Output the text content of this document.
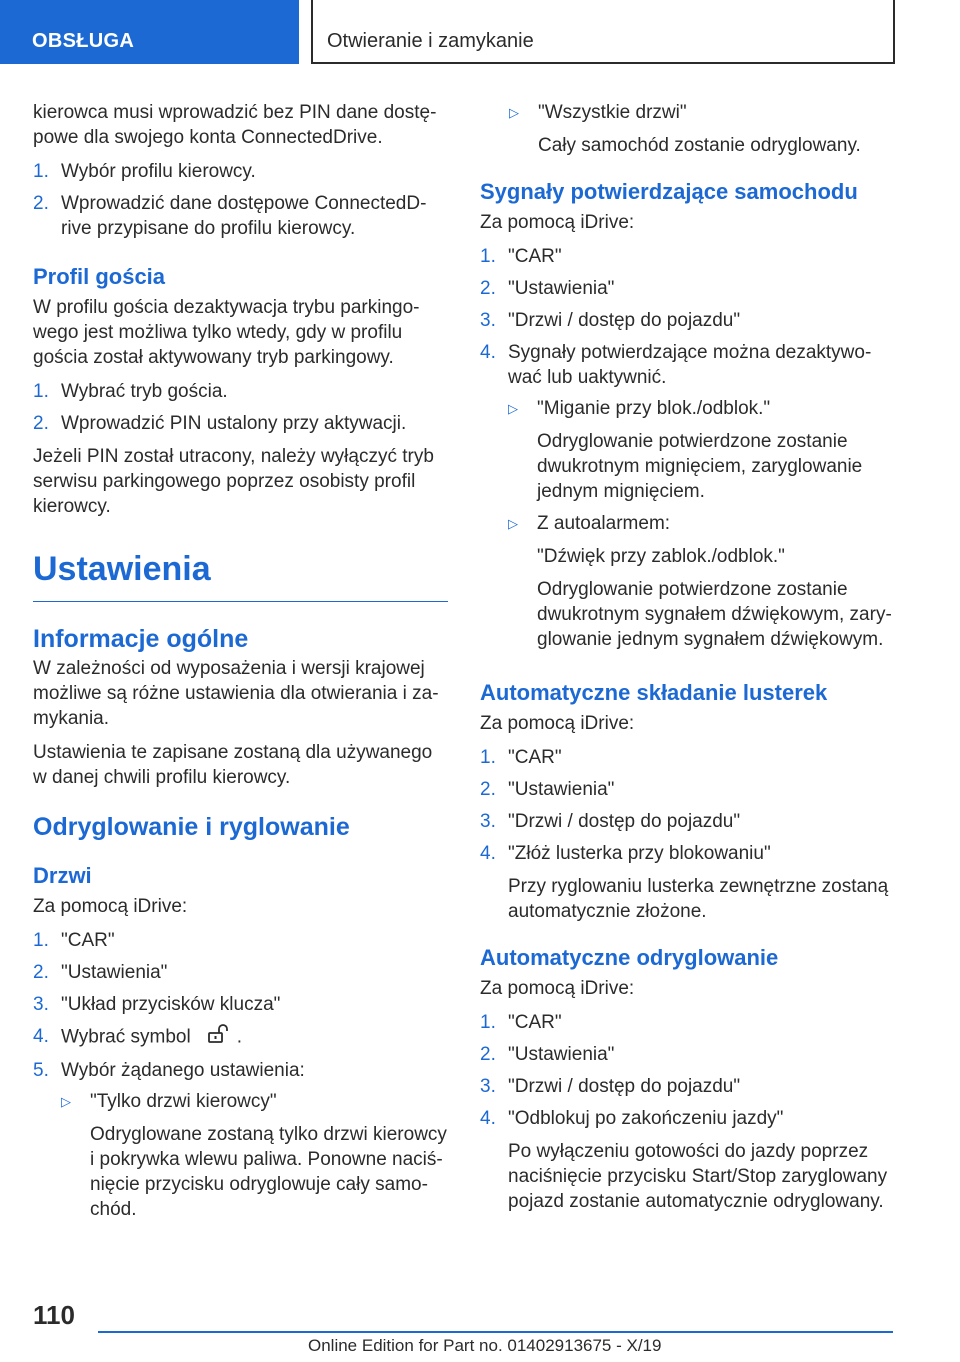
OBSŁUGA	Otwieranie i zamykanie

kierowca musi wprowadzić bez PIN dane dostę-powe dla swojego konta ConnectedDrive.

1. Wybór profilu kierowcy.
2. Wprowadzić dane dostępowe ConnectedD-rive przypisane do profilu kierowcy.
Profil gościa

W profilu gościa dezaktywacja trybu parkingo-wego jest możliwa tylko wtedy, gdy w profilu gościa został aktywowany tryb parkingowy.

1. Wybrać tryb gościa.
2. Wprowadzić PIN ustalony przy aktywacji.

Jeżeli PIN został utracony, należy wyłączyć tryb serwisu parkingowego poprzez osobisty profil kierowcy.

Ustawienia
Informacje ogólne

W zależności od wyposażenia i wersji krajowej możliwe są różne ustawienia dla otwierania i za-mykania.

Ustawienia te zapisane zostaną dla używanego w danej chwili profilu kierowcy.

Odryglowanie i ryglowanie
Drzwi

Za pomocą iDrive:

1. "CAR"
2. "Ustawienia"
3. "Układ przycisków klucza"
4. Wybrać symbol .
5. Wybór żądanego ustawienia:
▷	"Tylko drzwi kierowcy"

Odryglowane zostaną tylko drzwi kierowcy i pokrywka wlewu paliwa. Ponowne naciś-nięcie przycisku odryglowuje cały samo-chód.

▷	"Wszystkie drzwi"

Cały samochód zostanie odryglowany.

Sygnały potwierdzające samochodu

Za pomocą iDrive:

1. "CAR"
2. "Ustawienia"
3. "Drzwi / dostęp do pojazdu"
4. Sygnały potwierdzające można dezaktywo-wać lub uaktywnić.
▷	"Miganie przy blok./odblok."

Odryglowanie potwierdzone zostanie dwukrotnym mignięciem, zaryglowanie jednym mignięciem.

▷	Z autoalarmem:

"Dźwięk przy zablok./odblok."

Odryglowanie potwierdzone zostanie dwukrotnym sygnałem dźwiękowym, zary-glowanie jednym sygnałem dźwiękowym.

Automatyczne składanie lusterek

Za pomocą iDrive:

1. "CAR"
2. "Ustawienia"
3. "Drzwi / dostęp do pojazdu"
4. "Złóż lusterka przy blokowaniu"

Przy ryglowaniu lusterka zewnętrzne zostaną automatycznie złożone.

Automatyczne odryglowanie

Za pomocą iDrive:

1. "CAR"
2. "Ustawienia"
3. "Drzwi / dostęp do pojazdu"
4. "Odblokuj po zakończeniu jazdy"

Po wyłączeniu gotowości do jazdy poprzez naciśnięcie przycisku Start/Stop zaryglowany pojazd zostanie automatycznie odryglowany.

110
Online Edition for Part no. 01402913675 - X/19
